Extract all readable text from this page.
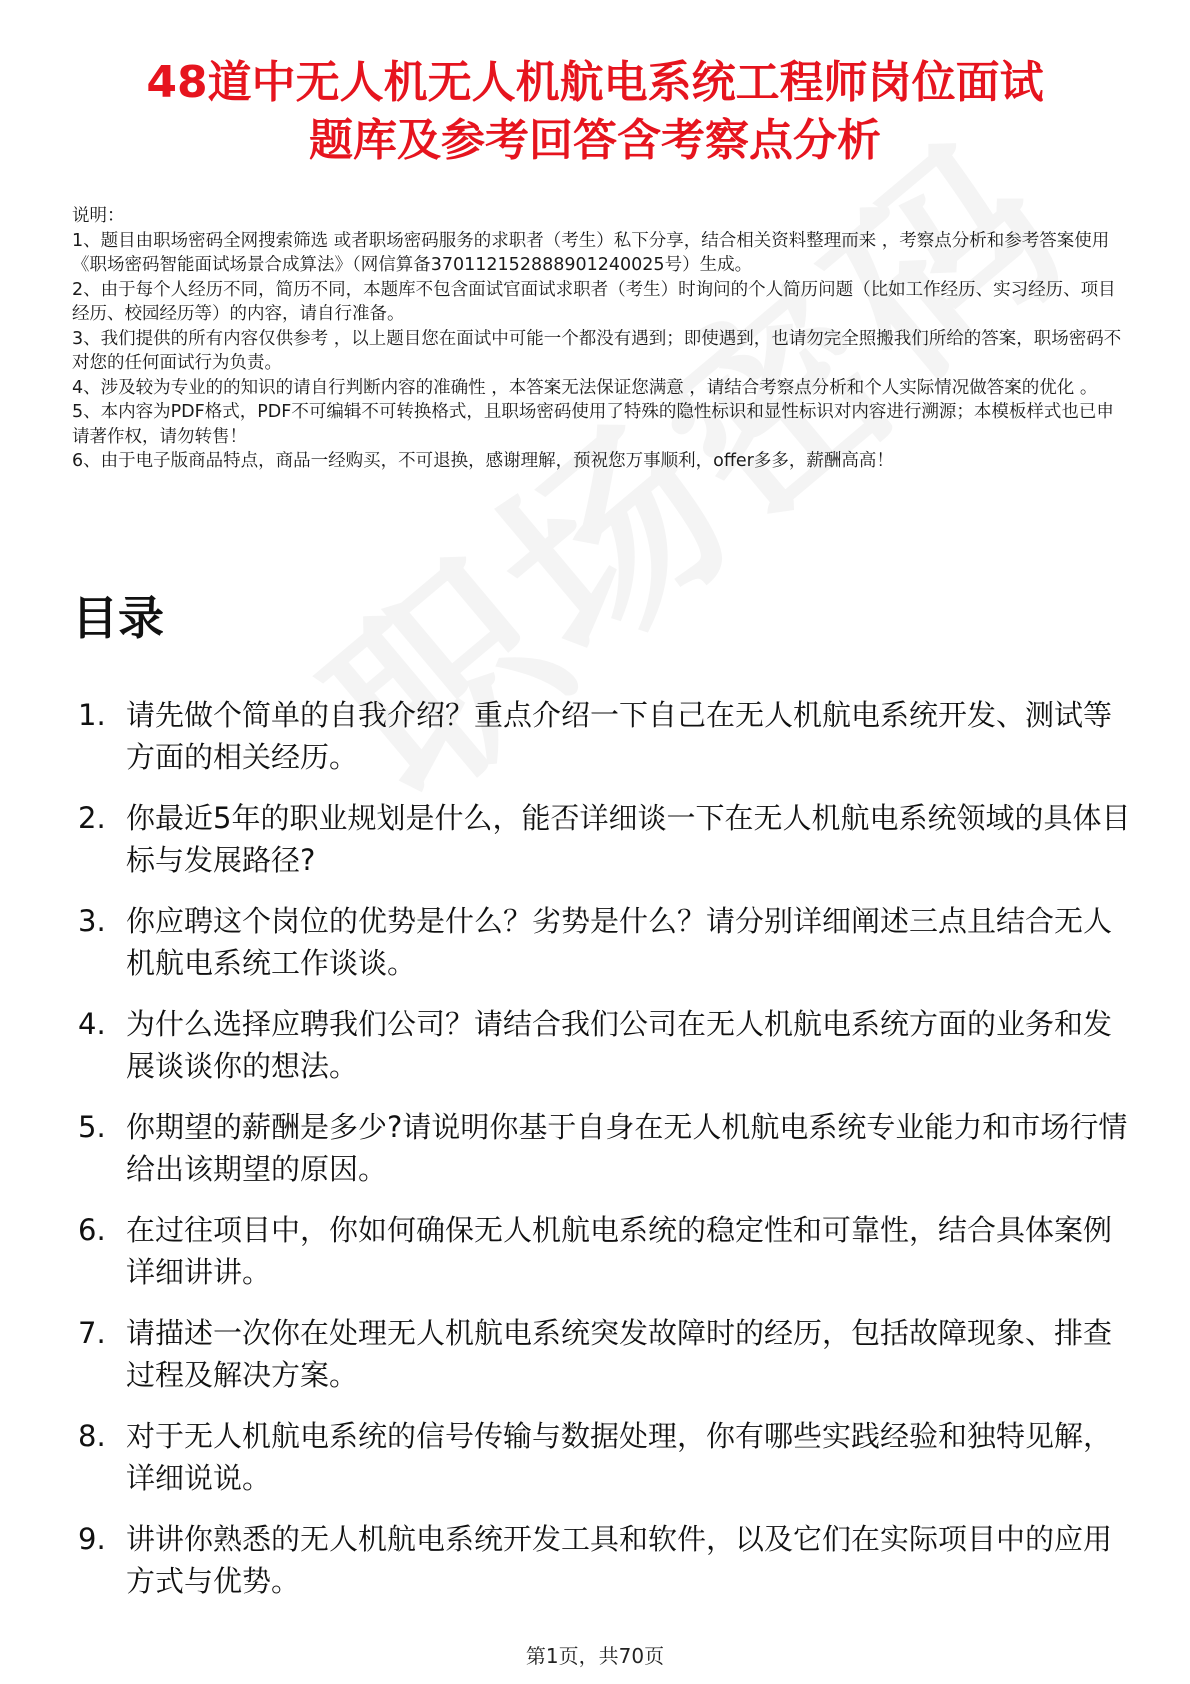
48道中无人机无人机航电系统工程师岗位面试
题库及参考回答含考察点分析

说明：

1、题目由职场密码全网搜索筛选 或者职场密码服务的求职者（考生）私下分享，结合相关资料整理而来 ，考察点分析和参考答案使用《职场密码智能面试场景合成算法》（网信算备370112152888901240025号）生成。

2、由于每个人经历不同，简历不同，本题库不包含面试官面试求职者（考生）时询问的个人简历问题（比如工作经历、实习经历、项目经历、校园经历等）的内容，请自行准备。

3、我们提供的所有内容仅供参考 ，以上题目您在面试中可能一个都没有遇到；即使遇到，也请勿完全照搬我们所给的答案，职场密码不对您的任何面试行为负责。

4、涉及较为专业的的知识的请自行判断内容的准确性 ，本答案无法保证您满意 ，请结合考察点分析和个人实际情况做答案的优化 。

5、本内容为PDF格式，PDF不可编辑不可转换格式，且职场密码使用了特殊的隐性标识和显性标识对内容进行溯源；本模板样式也已申请著作权，请勿转售！

6、由于电子版商品特点，商品一经购买，不可退换，感谢理解，预祝您万事顺利，offer多多，薪酬高高！

目录
1. 请先做个简单的自我介绍？重点介绍一下自己在无人机航电系统开发、测试等方面的相关经历。
2. 你最近5年的职业规划是什么，能否详细谈一下在无人机航电系统领域的具体目标与发展路径?
3. 你应聘这个岗位的优势是什么？劣势是什么？请分别详细阐述三点且结合无人机航电系统工作谈谈。
4. 为什么选择应聘我们公司？请结合我们公司在无人机航电系统方面的业务和发展谈谈你的想法。
5. 你期望的薪酬是多少?请说明你基于自身在无人机航电系统专业能力和市场行情给出该期望的原因。
6. 在过往项目中，你如何确保无人机航电系统的稳定性和可靠性，结合具体案例详细讲讲。
7. 请描述一次你在处理无人机航电系统突发故障时的经历，包括故障现象、排查过程及解决方案。
8. 对于无人机航电系统的信号传输与数据处理，你有哪些实践经验和独特见解，详细说说。
9. 讲讲你熟悉的无人机航电系统开发工具和软件，以及它们在实际项目中的应用方式与优势。
第1页，共70页
